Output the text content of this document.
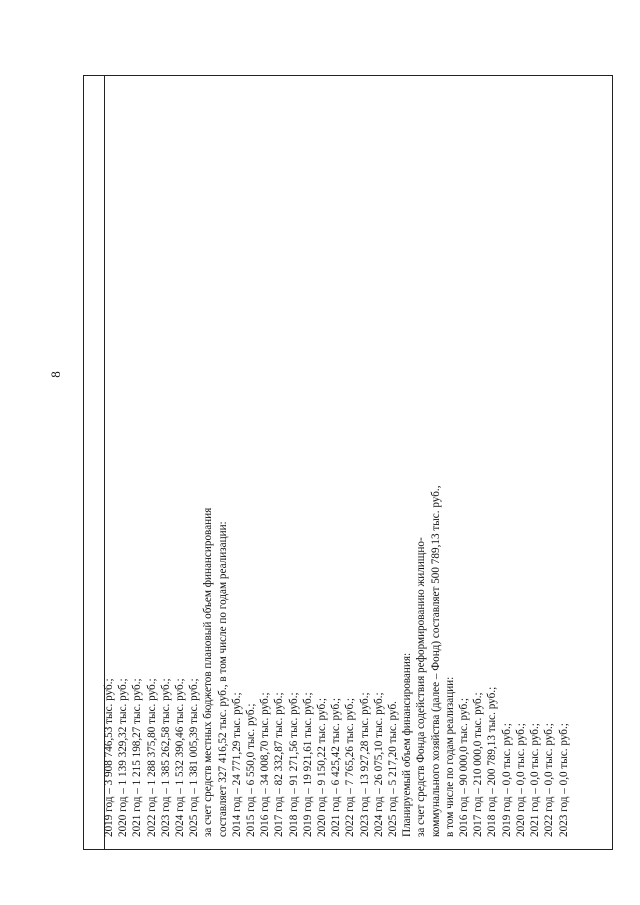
8
2019 год – 3 908 746,53 тыс. руб.; 2020 год – 1 139 329,32 тыс. руб.; 2021 год – 1 215 198,27 тыс. руб.; 2022 год – 1 288 375,80 тыс. руб.; 2023 год – 1 385 262,58 тыс. руб.; 2024 год – 1 532 390,46 тыс. руб.; 2025 год – 1 381 005,39 тыс. руб.; за счет средств местных бюджетов плановый объем финансирования составляет 327 416,52 тыс. руб., в том числе по годам реализации: 2014 год – 24 771,29 тыс. руб.; 2015 год – 6 550,0 тыс. руб.; 2016 год – 34 008,70 тыс. руб.; 2017 год – 82 332,87 тыс. руб.; 2018 год – 91 271,56 тыс. руб.; 2019 год – 19 921,61 тыс. руб.; 2020 год – 9 150,22 тыс. руб.; 2021 год – 6 425,42 тыс. руб.; 2022 год – 7 765,26 тыс. руб.; 2023 год – 13 927,28 тыс. руб.; 2024 год – 26 075,10 тыс. руб.; 2025 год – 5 217,20 тыс. руб. Планируемый объем финансирования: за счет средств Фонда содействия реформированию жилищно- коммунального хозяйства (далее – Фонд) составляет 500 789,13 тыс. руб., в том числе по годам реализации: 2016 год – 90 000,0 тыс. руб.; 2017 год – 210 000,0 тыс. руб.; 2018 год – 200 789,13 тыс. руб.; 2019 год – 0,0 тыс. руб.; 2020 год – 0,0 тыс. руб.; 2021 год – 0,0 тыс. руб.; 2022 год – 0,0 тыс. руб.; 2023 год – 0,0 тыс. руб.;
